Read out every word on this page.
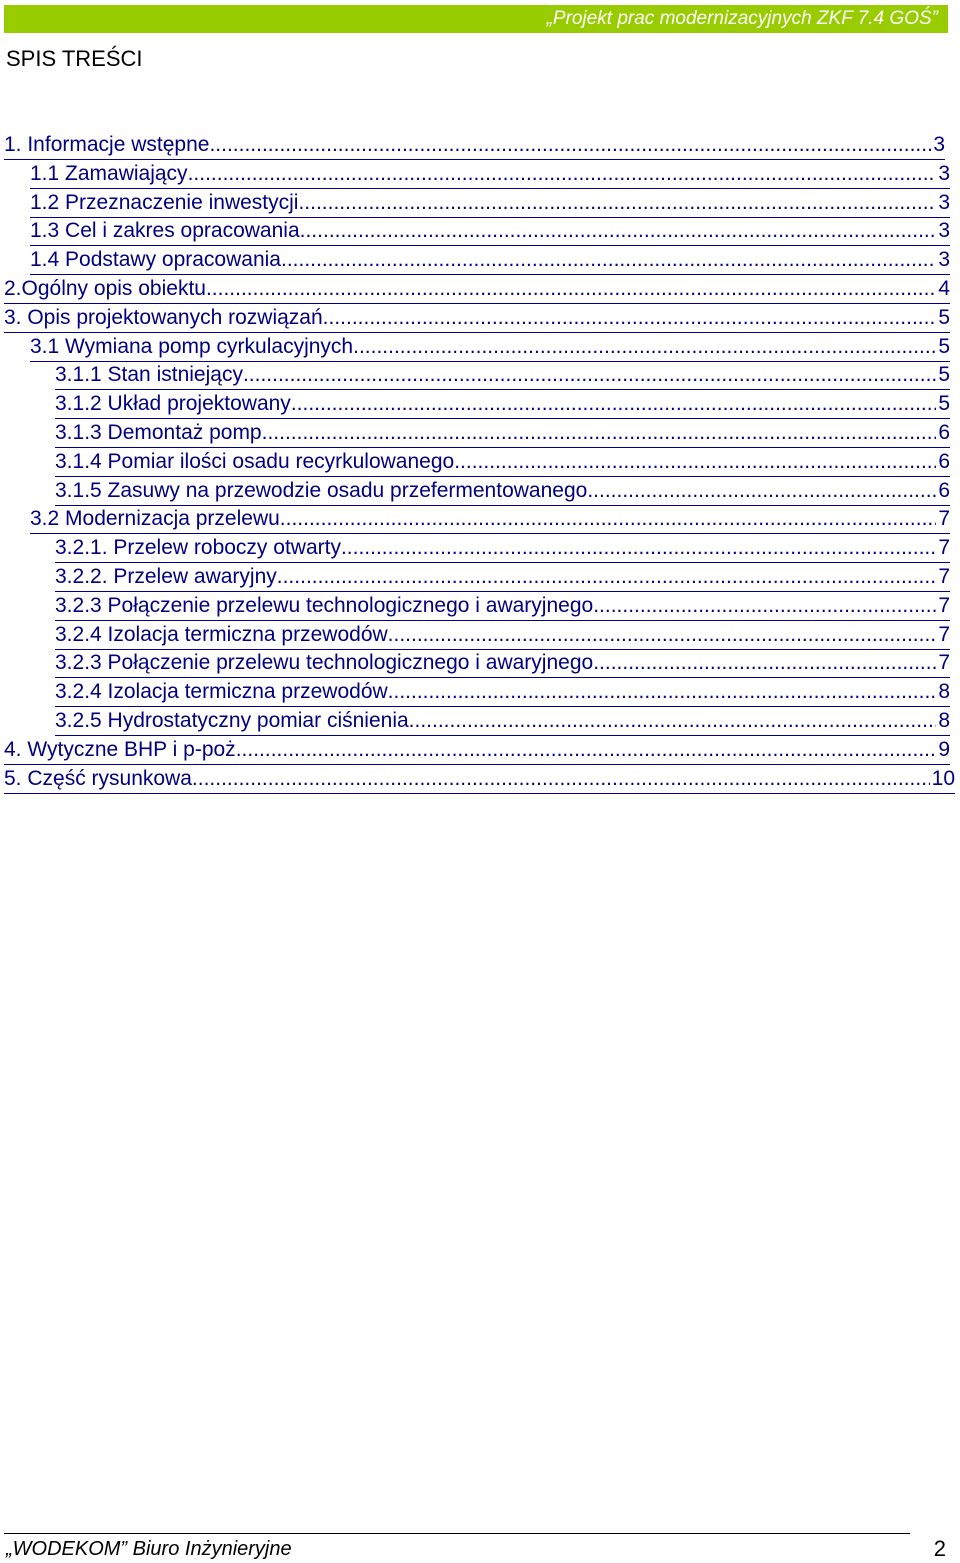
„Projekt prac modernizacyjnych ZKF 7.4 GOŚ”
SPIS TREŚCI
1. Informacje wstępne .....	3
1.1 Zamawiający .....	3
1.2 Przeznaczenie inwestycji .....	3
1.3 Cel i zakres opracowania .....	3
1.4 Podstawy opracowania .....	3
2.Ogólny opis obiektu .....	4
3. Opis projektowanych rozwiązań .....	5
3.1 Wymiana pomp cyrkulacyjnych .....	5
3.1.1 Stan istniejący .....	5
3.1.2 Układ projektowany .....	5
3.1.3 Demontaż pomp .....	6
3.1.4 Pomiar ilości osadu recyrkulowanego .....	6
3.1.5 Zasuwy na przewodzie osadu przefermentowanego .....	6
3.2 Modernizacja przelewu .....	7
3.2.1. Przelew roboczy otwarty .....	7
3.2.2. Przelew awaryjny .....	7
3.2.3 Połączenie przelewu technologicznego i awaryjnego .....	7
3.2.4 Izolacja termiczna przewodów .....	7
3.2.3 Połączenie przelewu technologicznego i awaryjnego .....	7
3.2.4 Izolacja termiczna przewodów .....	8
3.2.5 Hydrostatyczny pomiar ciśnienia .....	8
4. Wytyczne BHP i p-poż .....	9
5. Część rysunkowa .....	10
„WODEKOM” Biuro Inżynieryjne	2
